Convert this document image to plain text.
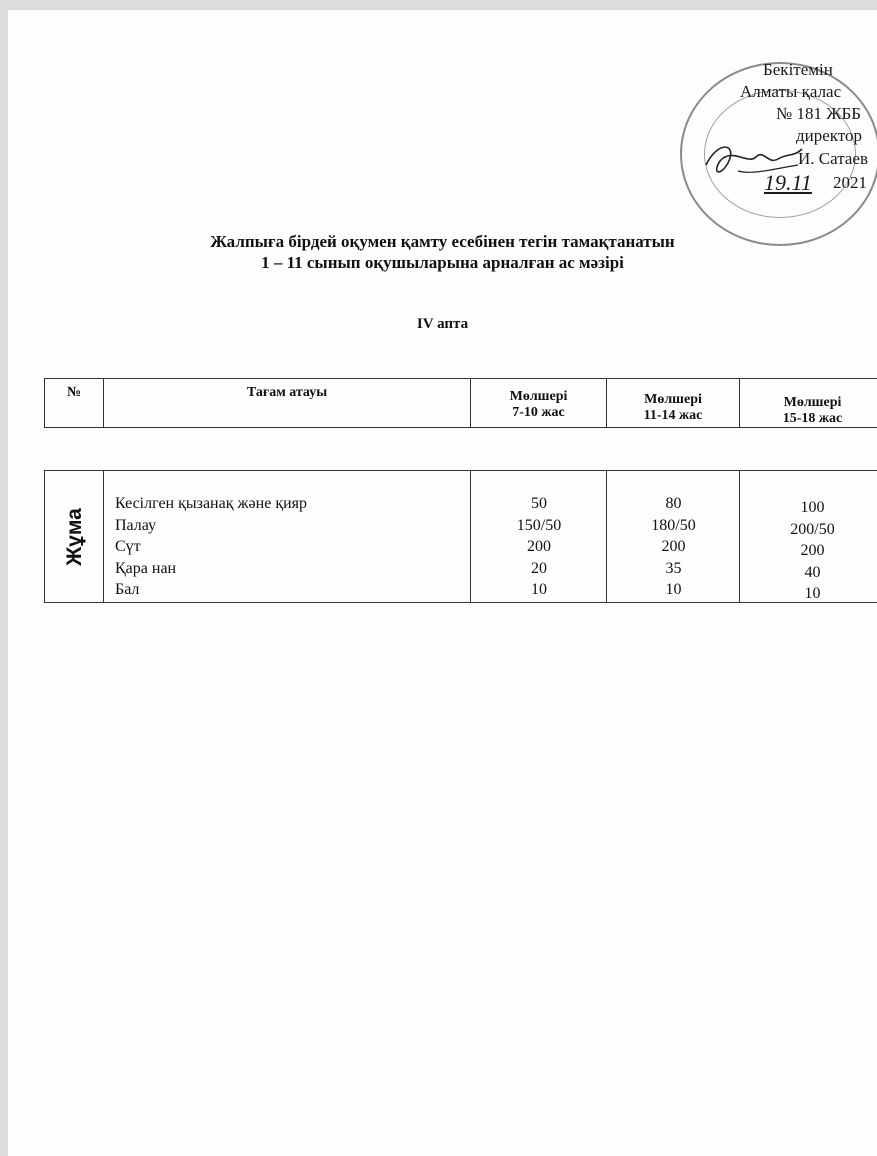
Бекітемін
Алматы қалас
№ 181 ЖББ
директор
И. Сатаев
19.11 2021
Жалпыға бірдей оқумен қамту есебінен тегін тамақтанатын
1 – 11 сынып оқушыларына арналған ас мәзірі
IV апта
№	Тағам атауы	Мөлшері
7-10 жас
Мөлшері
11-14 жас
Мөлшері
15-18 жас
Жұма
Кесілген қызанақ және қияр
Палау
Сүт
Қара нан
Бал
50
150/50
200
20
10
80
180/50
200
35
10
100
200/50
200
40
10
